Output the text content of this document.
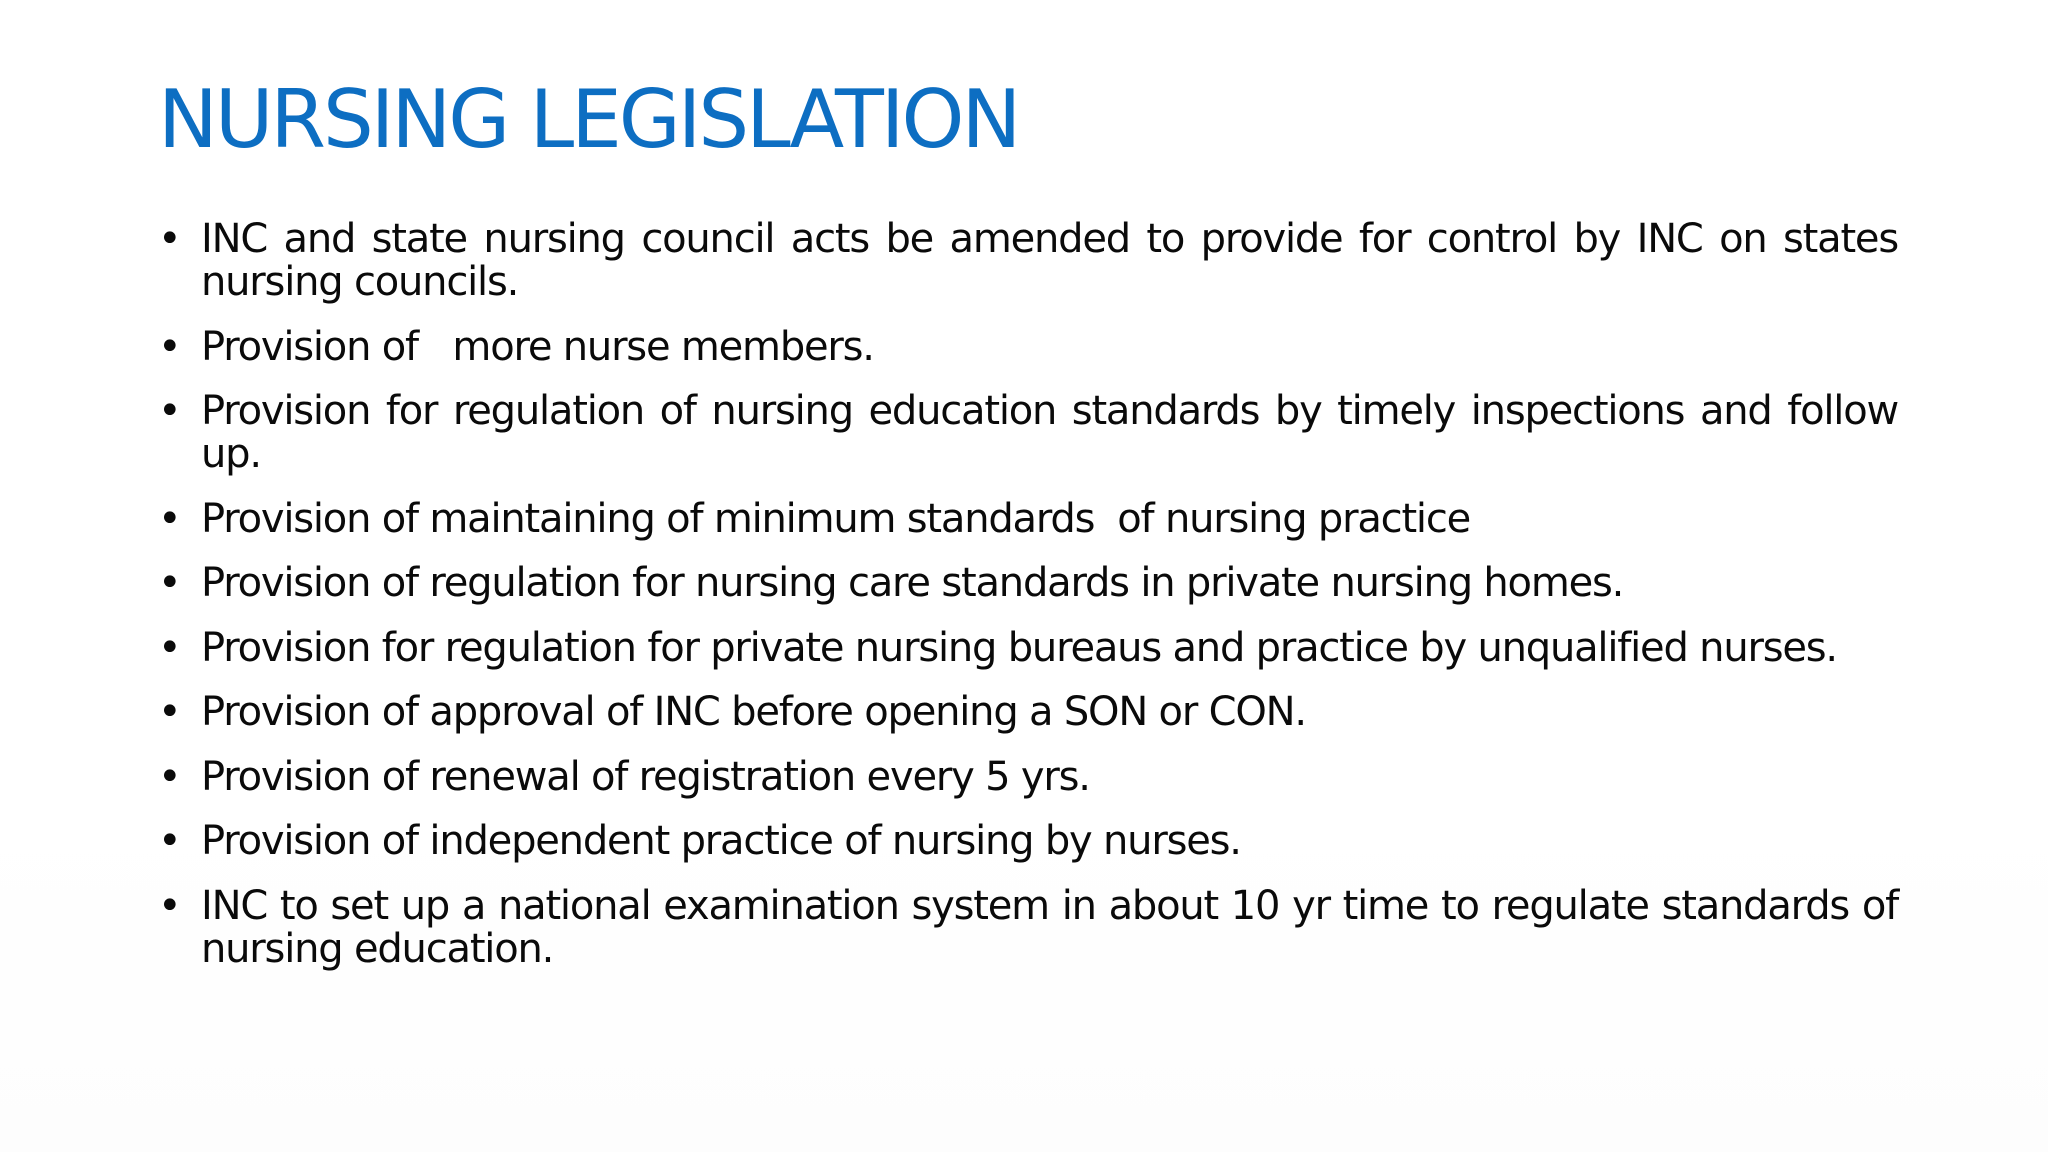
NURSING LEGISLATION
• INC and state nursing council acts be amended to provide for control by INC on states nursing councils.
• Provision of   more nurse members.
• Provision for regulation of nursing education standards by timely inspections and follow up.
• Provision of maintaining of minimum standards  of nursing practice
• Provision of regulation for nursing care standards in private nursing homes.
• Provision for regulation for private nursing bureaus and practice by unqualified nurses.
• Provision of approval of INC before opening a SON or CON.
• Provision of renewal of registration every 5 yrs.
• Provision of independent practice of nursing by nurses.
• INC to set up a national examination system in about 10 yr time to regulate standards of nursing education.
